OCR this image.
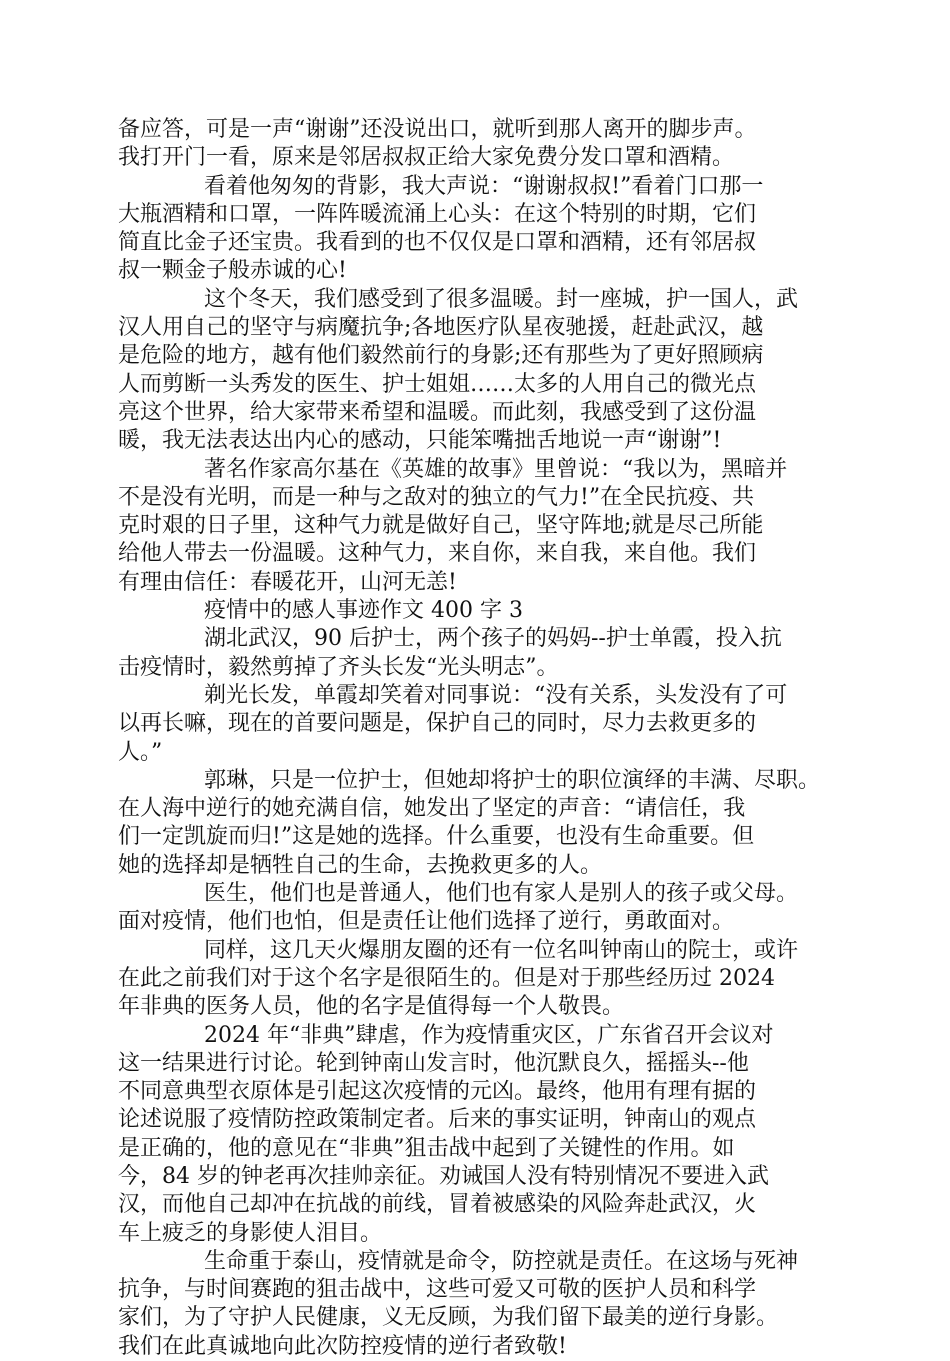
备应答，可是一声“谢谢”还没说出口，就听到那人离开的脚步声。
我打开门一看，原来是邻居叔叔正给大家免费分发口罩和酒精。
看着他匆匆的背影，我大声说：“谢谢叔叔!”看着门口那一
大瓶酒精和口罩，一阵阵暖流涌上心头：在这个特别的时期，它们
简直比金子还宝贵。我看到的也不仅仅是口罩和酒精，还有邻居叔
叔一颗金子般赤诚的心!
这个冬天，我们感受到了很多温暖。封一座城，护一国人，武
汉人用自己的坚守与病魔抗争;各地医疗队星夜驰援，赶赴武汉，越
是危险的地方，越有他们毅然前行的身影;还有那些为了更好照顾病
人而剪断一头秀发的医生、护士姐姐……太多的人用自己的微光点
亮这个世界，给大家带来希望和温暖。而此刻，我感受到了这份温
暖，我无法表达出内心的感动，只能笨嘴拙舌地说一声“谢谢”!
著名作家高尔基在《英雄的故事》里曾说：“我以为，黑暗并
不是没有光明，而是一种与之敌对的独立的气力!”在全民抗疫、共
克时艰的日子里，这种气力就是做好自己，坚守阵地;就是尽己所能
给他人带去一份温暖。这种气力，来自你，来自我，来自他。我们
有理由信任：春暖花开，山河无恙!
疫情中的感人事迹作文 400 字 3
湖北武汉，90 后护士，两个孩子的妈妈--护士单霞，投入抗
击疫情时，毅然剪掉了齐头长发“光头明志”。
剃光长发，单霞却笑着对同事说：“没有关系，头发没有了可
以再长嘛，现在的首要问题是，保护自己的同时，尽力去救更多的
人。”
郭琳，只是一位护士，但她却将护士的职位演绎的丰满、尽职。
在人海中逆行的她充满自信，她发出了坚定的声音：“请信任，我
们一定凯旋而归!”这是她的选择。什么重要，也没有生命重要。但
她的选择却是牺牲自己的生命，去挽救更多的人。
医生，他们也是普通人，他们也有家人是别人的孩子或父母。
面对疫情，他们也怕，但是责任让他们选择了逆行，勇敢面对。
同样，这几天火爆朋友圈的还有一位名叫钟南山的院士，或许
在此之前我们对于这个名字是很陌生的。但是对于那些经历过 2024
年非典的医务人员，他的名字是值得每一个人敬畏。
2024 年“非典”肆虐，作为疫情重灾区，广东省召开会议对
这一结果进行讨论。轮到钟南山发言时，他沉默良久，摇摇头--他
不同意典型衣原体是引起这次疫情的元凶。最终，他用有理有据的
论述说服了疫情防控政策制定者。后来的事实证明，钟南山的观点
是正确的，他的意见在“非典”狙击战中起到了关键性的作用。如
今，84 岁的钟老再次挂帅亲征。劝诫国人没有特别情况不要进入武
汉，而他自己却冲在抗战的前线，冒着被感染的风险奔赴武汉，火
车上疲乏的身影使人泪目。
生命重于泰山，疫情就是命令，防控就是责任。在这场与死神
抗争，与时间赛跑的狙击战中，这些可爱又可敬的医护人员和科学
家们，为了守护人民健康，义无反顾，为我们留下最美的逆行身影。
我们在此真诚地向此次防控疫情的逆行者致敬!
